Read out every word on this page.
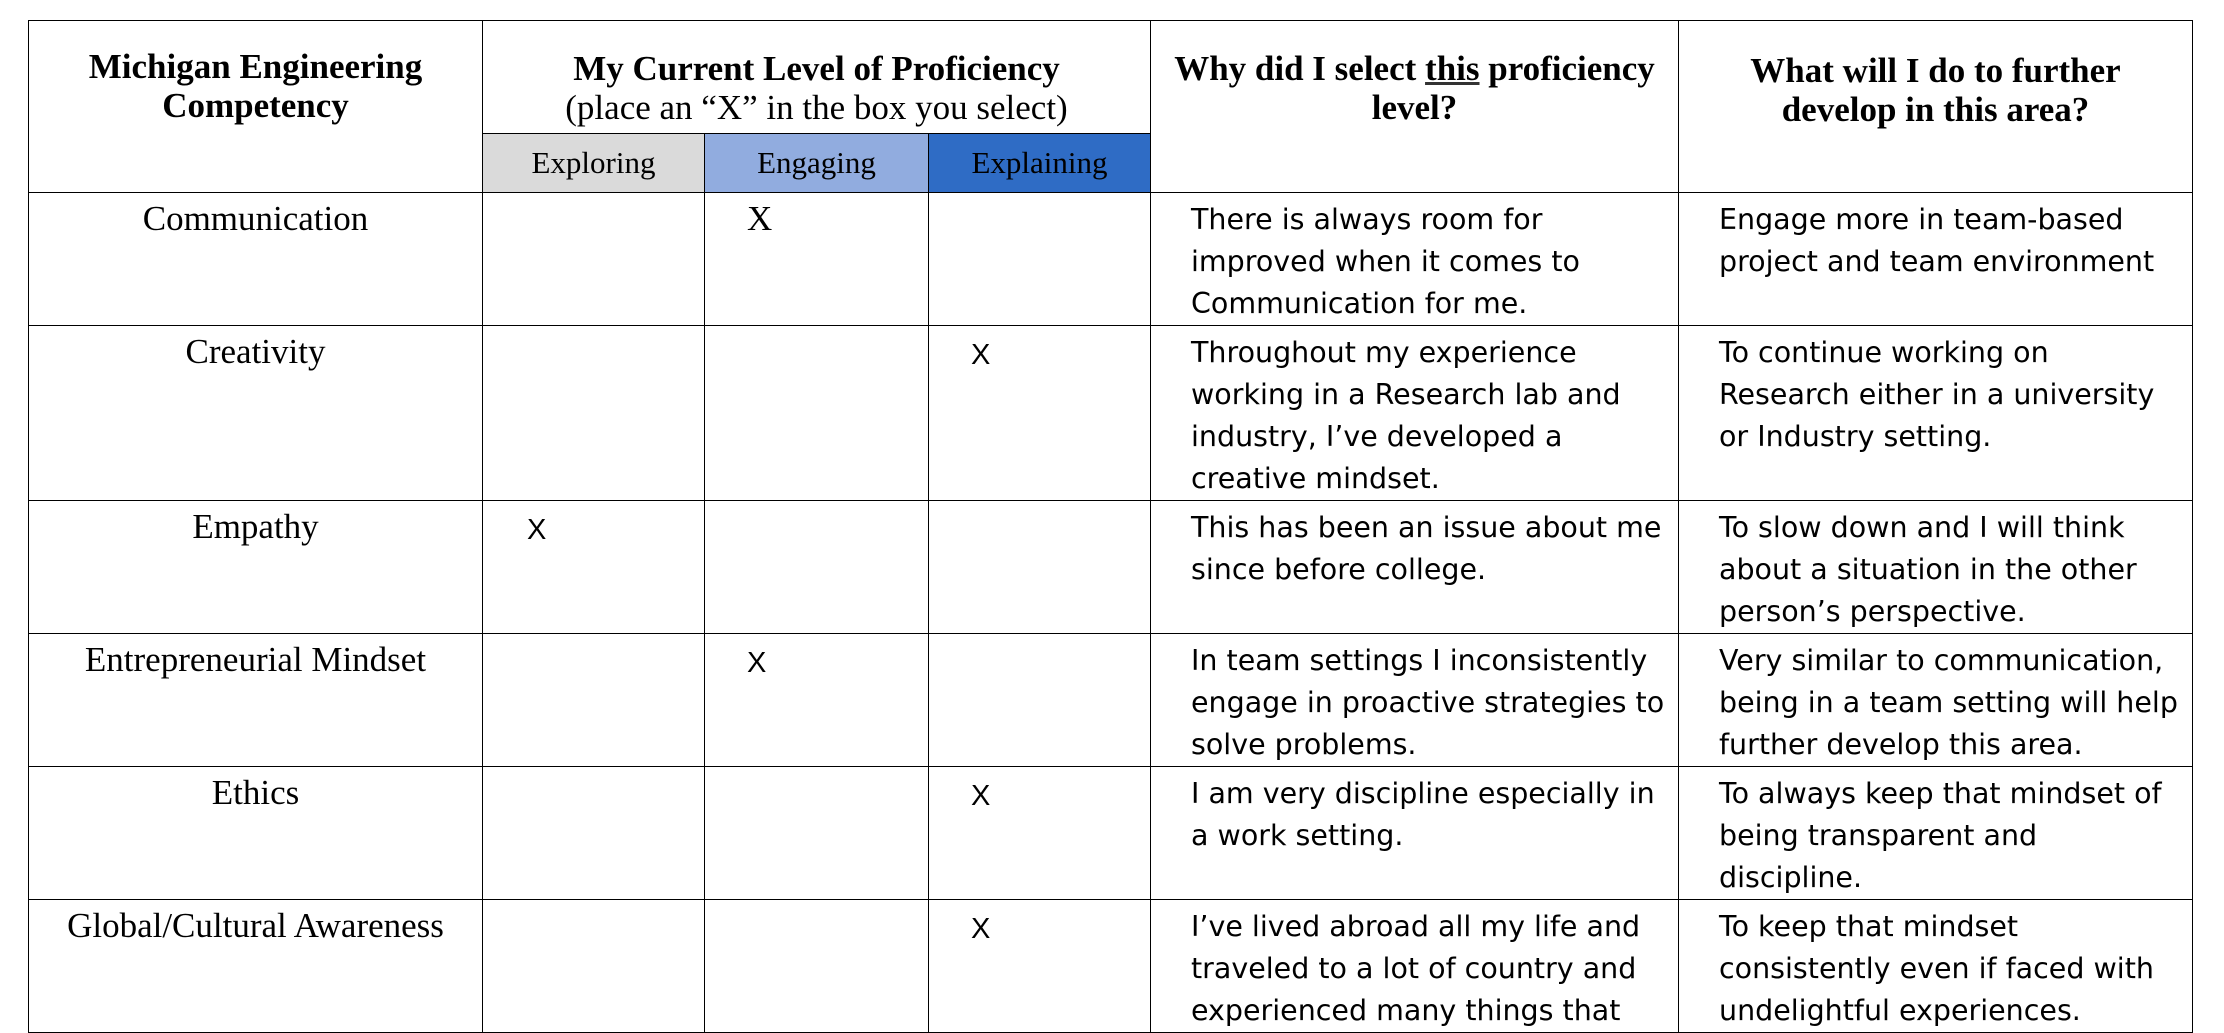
Michigan Engineering Competency	My Current Level of Proficiency
(place an “X” in the box you select)			Why did I select this proficiency level?	What will I do to further develop in this area?
	Exploring	Engaging	Explaining		
Communication		X		There is always room for improved when it comes to Communication for me.	Engage more in team-based project and team environment
Creativity			X	Throughout my experience working in a Research lab and industry, I’ve developed a creative mindset.	To continue working on Research either in a university or Industry setting.
Empathy	X			This has been an issue about me since before college.	To slow down and I will think about a situation in the other person’s perspective.
Entrepreneurial Mindset		X		In team settings I inconsistently engage in proactive strategies to solve problems.	Very similar to communication, being in a team setting will help further develop this area.
Ethics			X	I am very discipline especially in a work setting.	To always keep that mindset of being transparent and discipline.
Global/Cultural Awareness			X	I’ve lived abroad all my life and traveled to a lot of country and experienced many things that	To keep that mindset consistently even if faced with undelightful experiences.
